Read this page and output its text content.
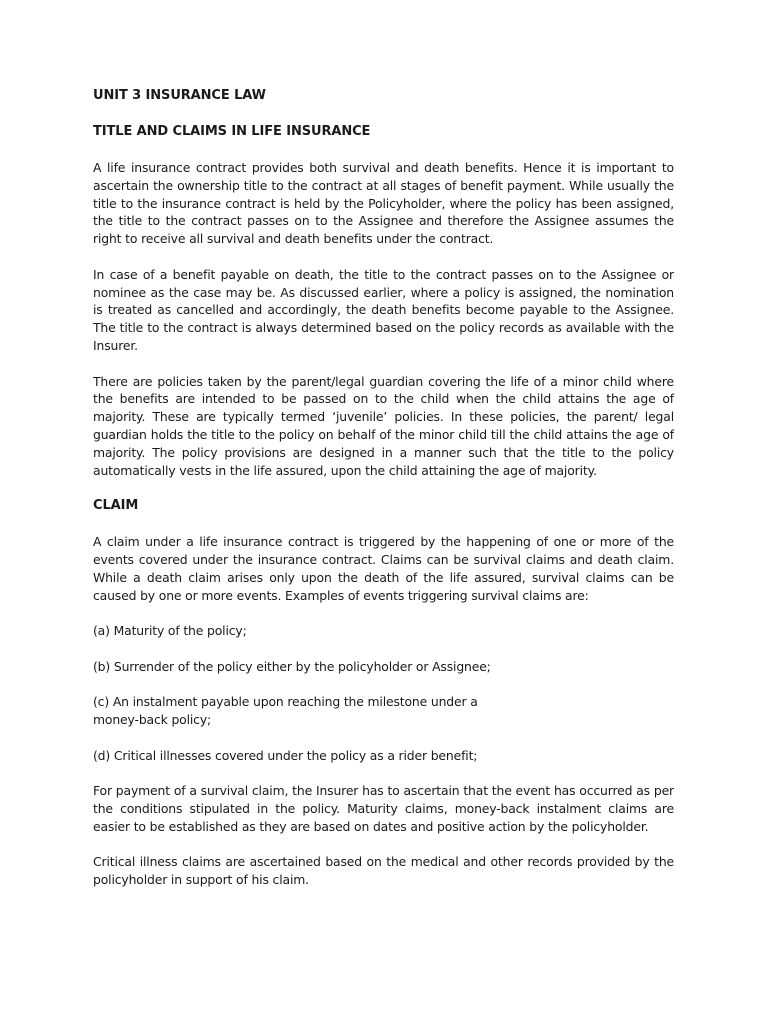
UNIT 3 INSURANCE LAW
TITLE AND CLAIMS IN LIFE INSURANCE

A life insurance contract provides both survival and death benefits. Hence it is important to ascertain the ownership title to the contract at all stages of benefit payment. While usually the title to the insurance contract is held by the Policyholder, where the policy has been assigned, the title to the contract passes on to the Assignee and therefore the Assignee assumes the right to receive all survival and death benefits under the contract.

In case of a benefit payable on death, the title to the contract passes on to the Assignee or nominee as the case may be. As discussed earlier, where a policy is assigned, the nomination is treated as cancelled and accordingly, the death benefits become payable to the Assignee. The title to the contract is always determined based on the policy records as available with the Insurer.

There are policies taken by the parent/legal guardian covering the life of a minor child where the benefits are intended to be passed on to the child when the child attains the age of majority. These are typically termed ‘juvenile’ policies. In these policies, the parent/ legal guardian holds the title to the policy on behalf of the minor child till the child attains the age of majority. The policy provisions are designed in a manner such that the title to the policy automatically vests in the life assured, upon the child attaining the age of majority.

CLAIM

A claim under a life insurance contract is triggered by the happening of one or more of the events covered under the insurance contract. Claims can be survival claims and death claim. While a death claim arises only upon the death of the life assured, survival claims can be caused by one or more events. Examples of events triggering survival claims are:

(a) Maturity of the policy;

(b) Surrender of the policy either by the policyholder or Assignee;

(c) An instalment payable upon reaching the milestone under a money-back policy;

(d) Critical illnesses covered under the policy as a rider benefit;

For payment of a survival claim, the Insurer has to ascertain that the event has occurred as per the conditions stipulated in the policy. Maturity claims, money-back instalment claims are easier to be established as they are based on dates and positive action by the policyholder.

Critical illness claims are ascertained based on the medical and other records provided by the policyholder in support of his claim.
